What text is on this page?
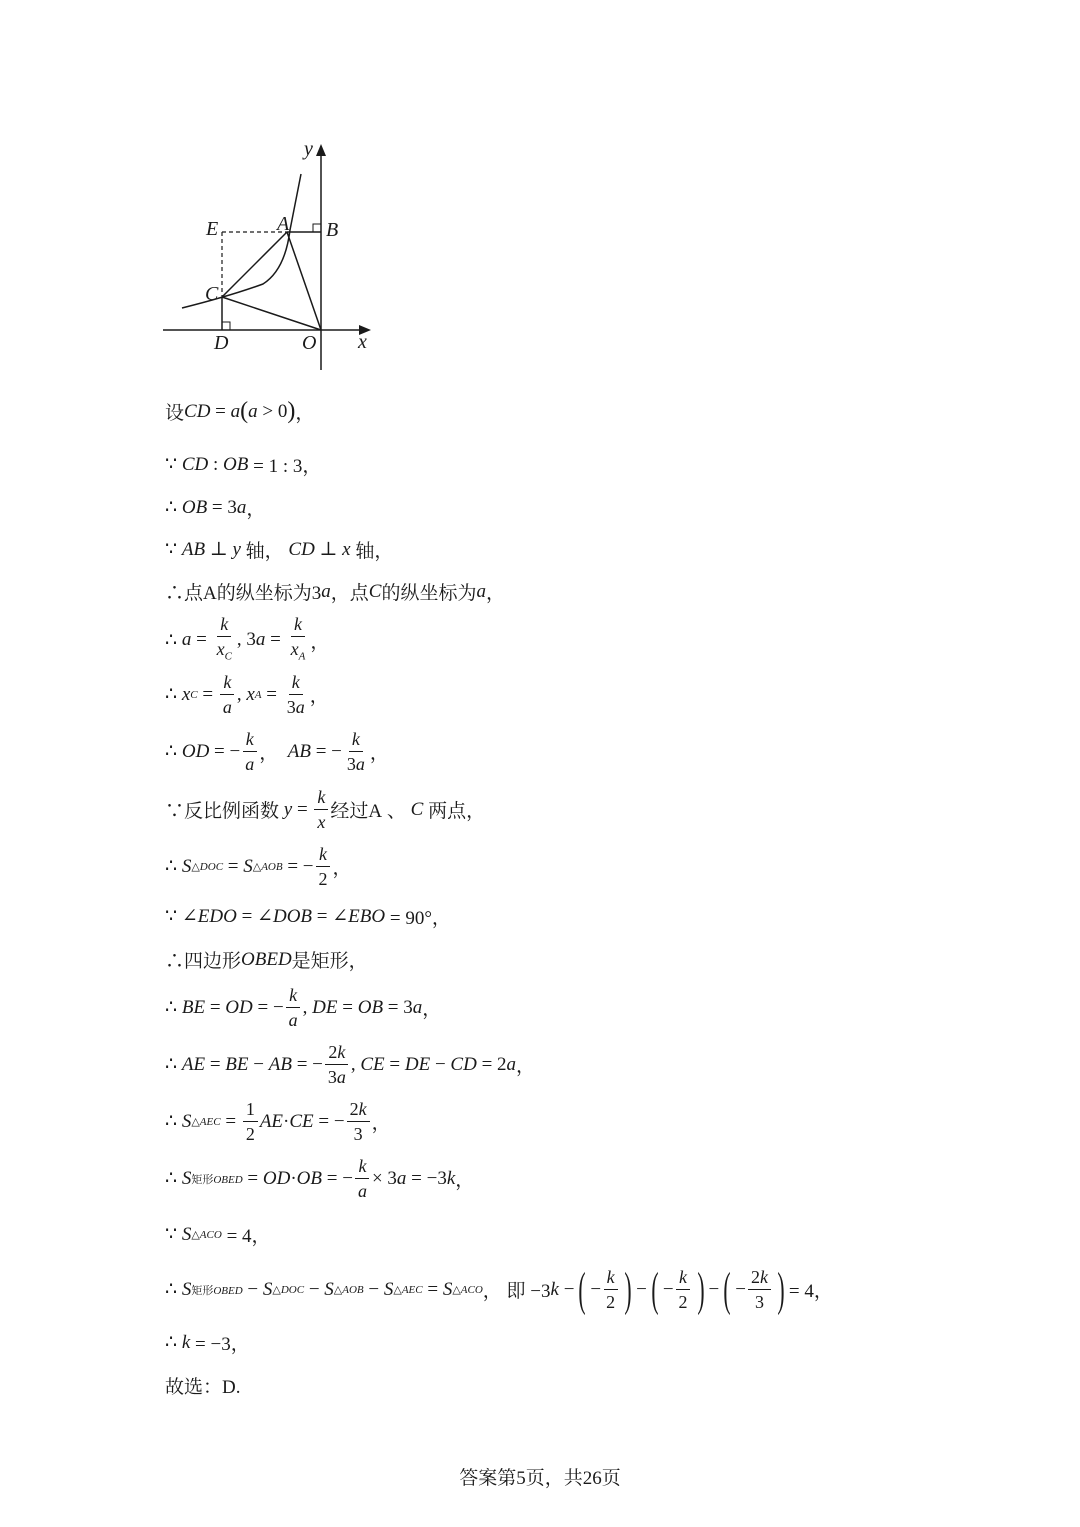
y
x
E	A B
C
D	O
设 CD = a ( a > 0 ) ，
∵ CD : OB = 1 : 3，
∴ OB = 3 a ，
∵ AB ⊥ y 轴， CD ⊥ x 轴，
∴点A的纵坐标为3 a ，点 C 的纵坐标为 a ，
∴ $a = \frac{k}{x_C}$ , 3 $a = \frac{k}{x_A}$ ，
∴ x $C = \frac{k}{a}$ , x $A = \frac{k}{3a}$ ，
∴ OD = − $\frac{k}{a}$ ， AB = − $\frac{k}{3a}$ ，
∵反比例函数 $y = \frac{k}{x}$ 经过A 、 C 两点，
∴ S △DOC = S △AOB = − $\frac{k}{2}$ ，
∵ ∠ EDO = ∠ DOB = ∠ EBO = 90°，
∴四边形 OBED 是矩形，
∴ BE = OD = − $\frac{k}{a}$ , DE = OB = 3 a ，
∴ AE = BE − AB = − $\frac{2k}{3a}$ , CE = DE − CD = 2 a ，
∴ S △AEC = $\frac{1}{2}$ AE · CE = − $\frac{2k}{3}$ ，
∴ S 矩形OBED = OD · OB = − $\frac{k}{a} \times 3$ a = −3 k ，
∵ S △ACO = 4，
∴ S 矩形OBED − S △DOC − S △AOB − S △AEC = S △ACO ， 即 −3 k − ( − $\frac{k}{2}$ ) − ( − $\frac{k}{2}$ ) − ( − $\frac{2k}{3}$ ) = 4，
∴ k = −3，
故选：D.
答案第5页，共26页
